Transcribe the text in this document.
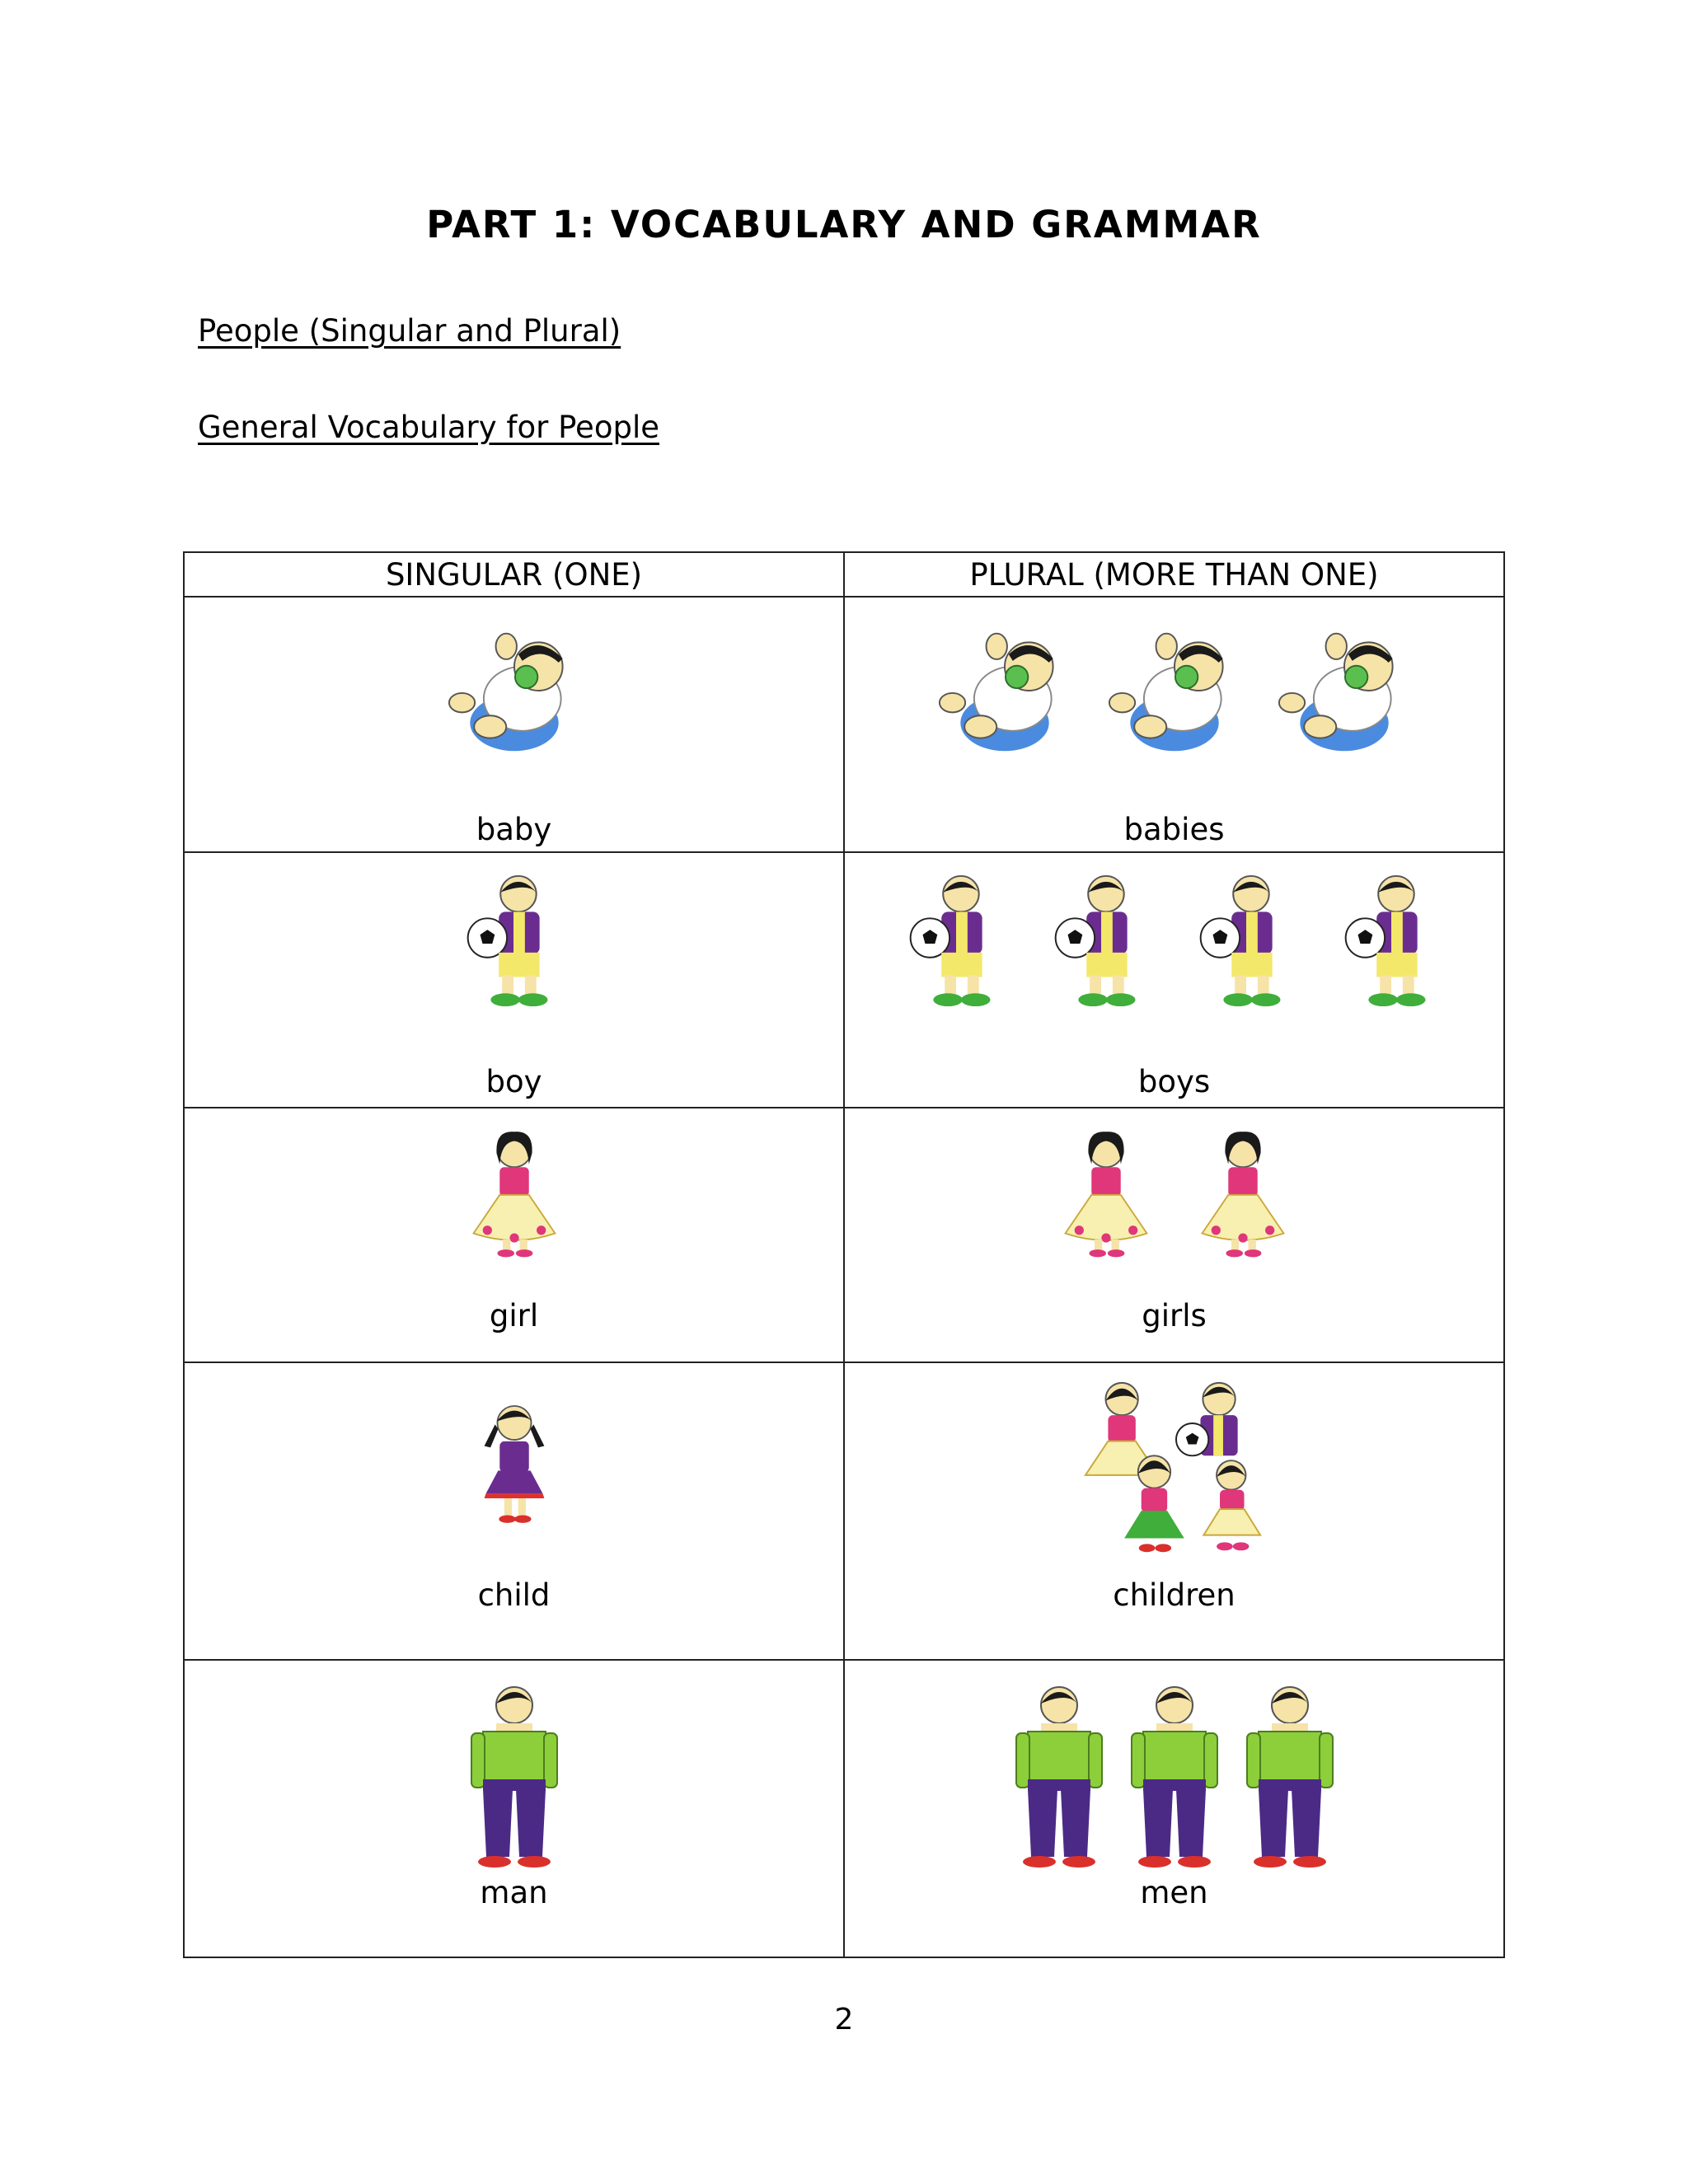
PART 1: VOCABULARY AND GRAMMAR
People (Singular and Plural)
General Vocabulary for People
SINGULAR (ONE)	PLURAL (MORE THAN ONE)

baby	babies

boy	boys

girl	girls

child	children

man	men
2
